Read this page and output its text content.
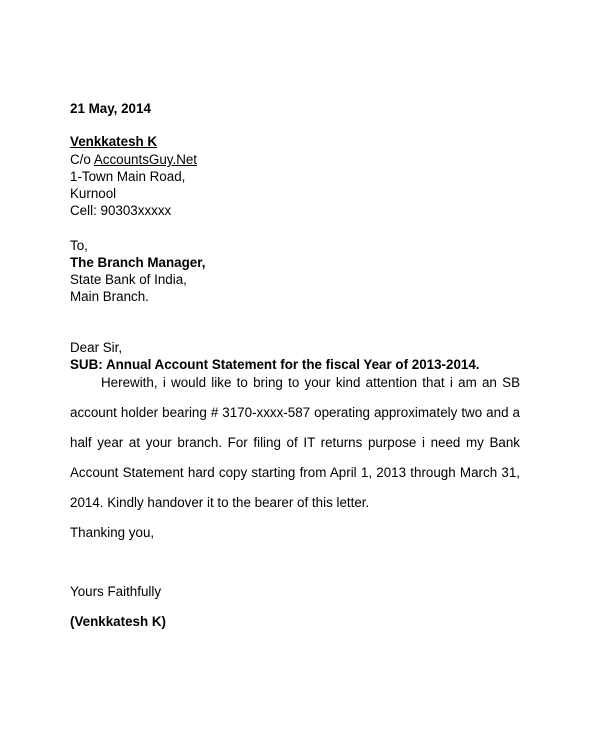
21 May, 2014
Venkkatesh K
C/o AccountsGuy.Net
1-Town Main Road,
Kurnool
Cell: 90303xxxxx
To,
The Branch Manager,
State Bank of India,
Main Branch.
Dear Sir,
SUB: Annual Account Statement for the fiscal Year of 2013-2014.
Herewith, i would like to bring to your kind attention that i am an SB
account holder bearing # 3170-xxxx-587 operating approximately two and a
half year at your branch. For filing of IT returns purpose i need my Bank
Account Statement hard copy starting from April 1, 2013 through March 31,
2014. Kindly handover it to the bearer of this letter.
Thanking you,
Yours Faithfully
(Venkkatesh K)
